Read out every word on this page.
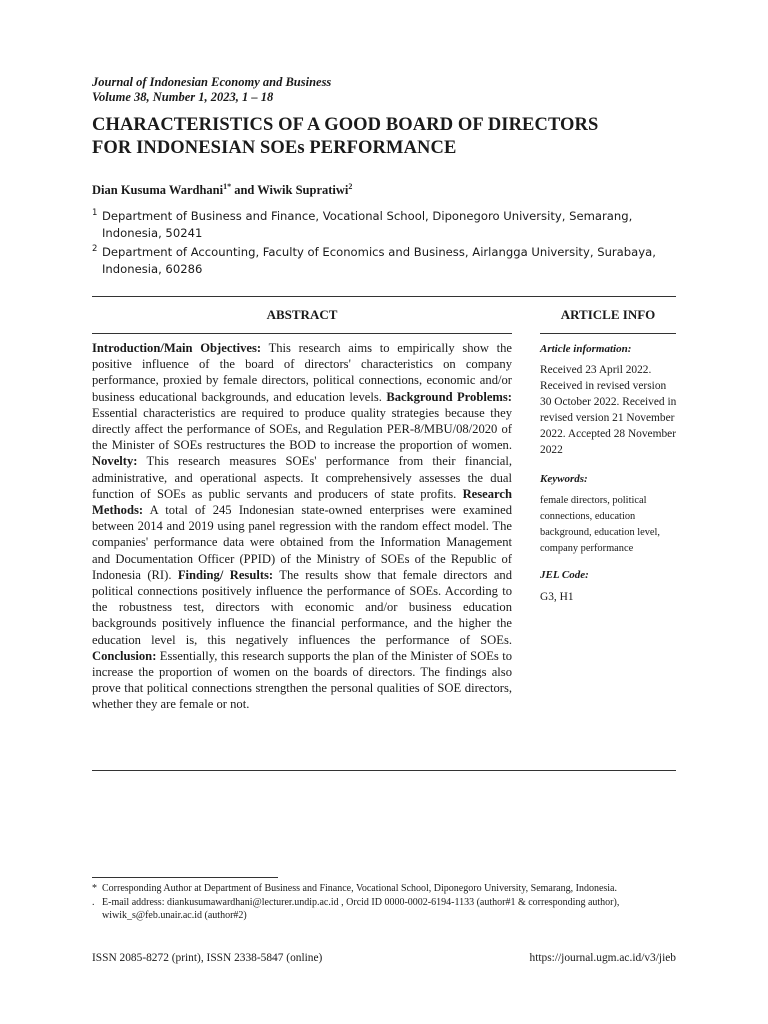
Journal of Indonesian Economy and Business
Volume 38, Number 1, 2023, 1 – 18
CHARACTERISTICS OF A GOOD BOARD OF DIRECTORS
FOR INDONESIAN SOEs PERFORMANCE
Dian Kusuma Wardhani$^{1*}$ and Wiwik Supratiwi$^2$
1 Department of Business and Finance, Vocational School, Diponegoro University, Semarang, Indonesia, 50241
2 Department of Accounting, Faculty of Economics and Business, Airlangga University, Surabaya, Indonesia, 60286
ABSTRACT	ARTICLE INFO
Introduction/Main Objectives: This research aims to empirically show the positive influence of the board of directors' characteristics on company performance, proxied by female directors, political connections, economic and/or business educational backgrounds, and education levels. Background Problems: Essential characteristics are required to produce quality strategies because they directly affect the performance of SOEs, and Regulation PER-8/MBU/08/2020 of the Minister of SOEs restructures the BOD to increase the proportion of women. Novelty: This research measures SOEs' performance from their financial, administrative, and operational aspects. It comprehensively assesses the dual function of SOEs as public servants and producers of state profits. Research Methods: A total of 245 Indonesian state-owned enterprises were examined between 2014 and 2019 using panel regression with the random effect model. The companies' performance data were obtained from the Information Management and Documentation Officer (PPID) of the Ministry of SOEs of the Republic of Indonesia (RI). Finding/ Results: The results show that female directors and political connections positively influence the performance of SOEs. According to the robustness test, directors with economic and/or business education backgrounds positively influence the financial performance, and the higher the education level is, this negatively influences the performance of SOEs. Conclusion: Essentially, this research supports the plan of the Minister of SOEs to increase the proportion of women on the boards of directors. The findings also prove that political connections strengthen the personal qualities of SOE directors, whether they are female or not.
Article information:
Received 23 April 2022. Received in revised version 30 October 2022. Received in revised version 21 November 2022. Accepted 28 November 2022
Keywords:
female directors, political connections, education background, education level, company performance
JEL Code:
G3, H1
* Corresponding Author at Department of Business and Finance, Vocational School, Diponegoro University, Semarang, Indonesia.
. E-mail address: diankusumawardhani@lecturer.undip.ac.id , Orcid ID 0000-0002-6194-1133 (author#1 & corresponding author), wiwik_s@feb.unair.ac.id (author#2)
ISSN 2085-8272 (print), ISSN 2338-5847 (online)	https://journal.ugm.ac.id/v3/jieb
